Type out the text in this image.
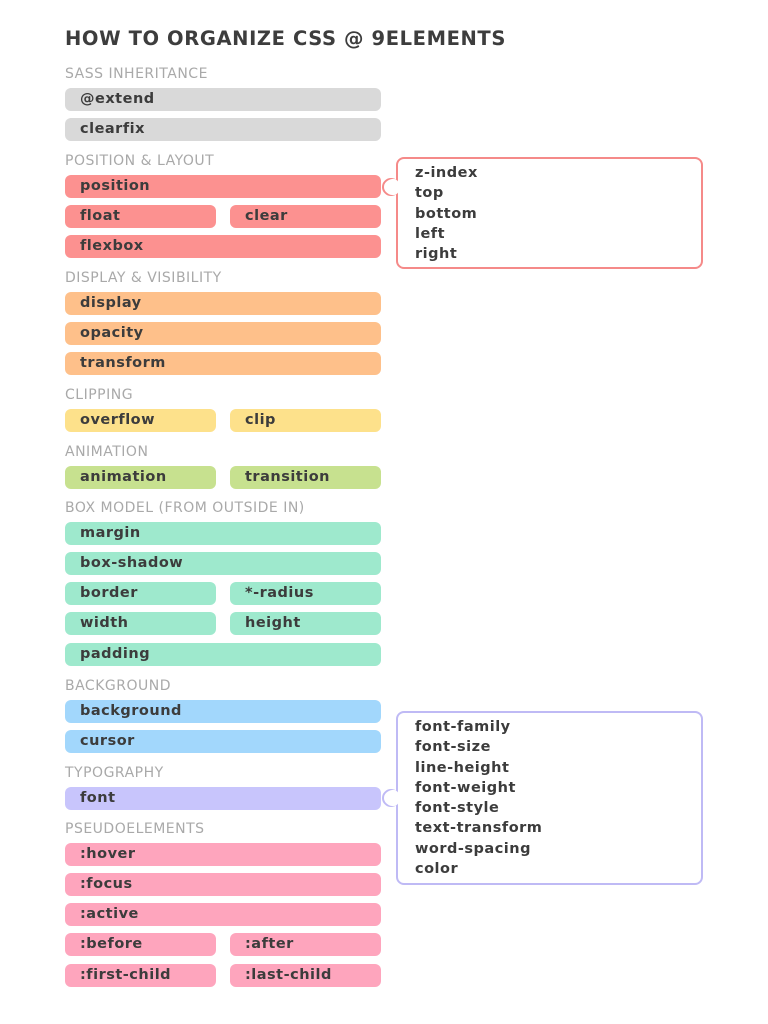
HOW TO ORGANIZE CSS @ 9ELEMENTS
SASS INHERITANCE
@extend
clearfix
POSITION & LAYOUT
position
float	clear
flexbox
z-index
top
bottom
left
right
DISPLAY & VISIBILITY
display
opacity
transform
CLIPPING
overflow	clip
ANIMATION
animation	transition
BOX MODEL (FROM OUTSIDE IN)
margin
box-shadow
border	*-radius
width	height
padding
BACKGROUND
background
cursor
TYPOGRAPHY
font
font-family
font-size
line-height
font-weight
font-style
text-transform
word-spacing
color
PSEUDOELEMENTS
:hover
:focus
:active
:before	:after
:first-child	:last-child
